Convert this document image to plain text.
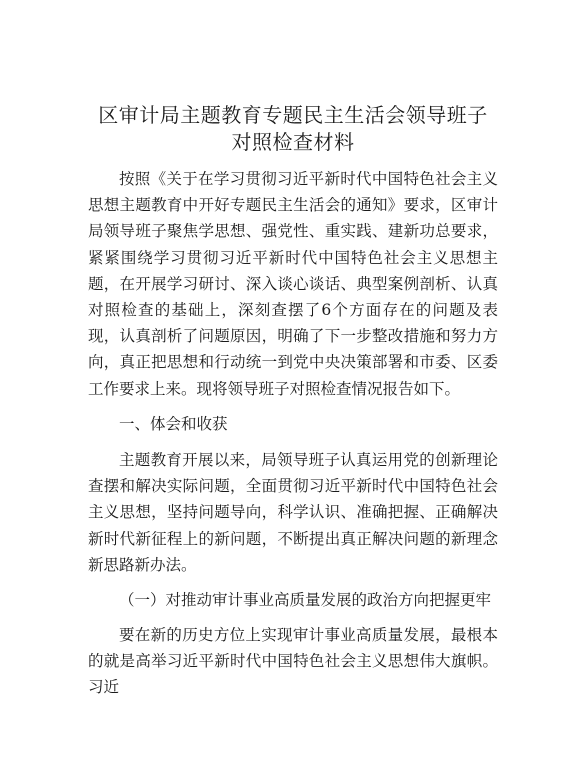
区审计局主题教育专题民主生活会领导班子对照检查材料

按照《关于在学习贯彻习近平新时代中国特色社会主义思想主题教育中开好专题民主生活会的通知》要求，区审计局领导班子聚焦学思想、强党性、重实践、建新功总要求，紧紧围绕学习贯彻习近平新时代中国特色社会主义思想主题，在开展学习研讨、深入谈心谈话、典型案例剖析、认真对照检查的基础上，深刻查摆了6个方面存在的问题及表现，认真剖析了问题原因，明确了下一步整改措施和努力方向，真正把思想和行动统一到党中央决策部署和市委、区委工作要求上来。现将领导班子对照检查情况报告如下。

一、体会和收获

主题教育开展以来，局领导班子认真运用党的创新理论查摆和解决实际问题，全面贯彻习近平新时代中国特色社会主义思想，坚持问题导向，科学认识、准确把握、正确解决新时代新征程上的新问题，不断提出真正解决问题的新理念新思路新办法。

（一）对推动审计事业高质量发展的政治方向把握更牢

要在新的历史方位上实现审计事业高质量发展，最根本的就是高举习近平新时代中国特色社会主义思想伟大旗帜。习近
